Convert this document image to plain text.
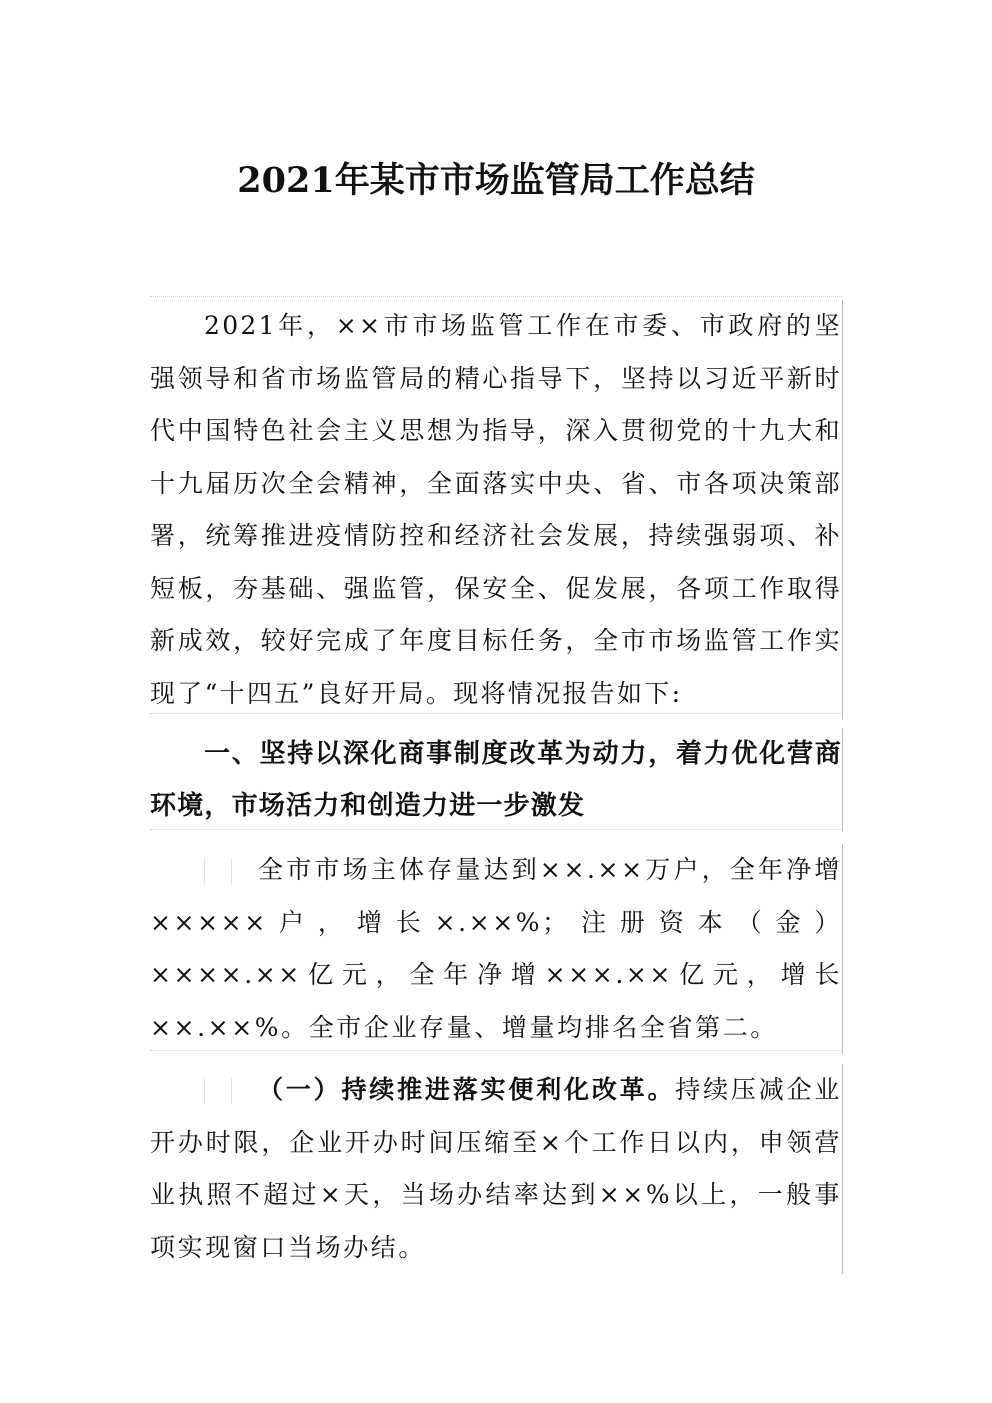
2021年某市市场监管局工作总结

2021年，××市市场监管工作在市委、市政府的坚强领导和省市场监管局的精心指导下，坚持以习近平新时代中国特色社会主义思想为指导，深入贯彻党的十九大和十九届历次全会精神，全面落实中央、省、市各项决策部署，统筹推进疫情防控和经济社会发展，持续强弱项、补短板，夯基础、强监管，保安全、促发展，各项工作取得新成效，较好完成了年度目标任务，全市市场监管工作实现了“十四五”良好开局。现将情况报告如下:

一、坚持以深化商事制度改革为动力，着力优化营商环境，市场活力和创造力进一步激发

全市市场主体存量达到××.××万户，全年净增×××××户，增长×.××%；注册资本（金）××××.××亿元，全年净增×××.××亿元，增长××.××%。全市企业存量、增量均排名全省第二。

（一）持续推进落实便利化改革。持续压减企业开办时限，企业开办时间压缩至×个工作日以内，申领营业执照不超过×天，当场办结率达到××%以上，一般事项实现窗口当场办结。
